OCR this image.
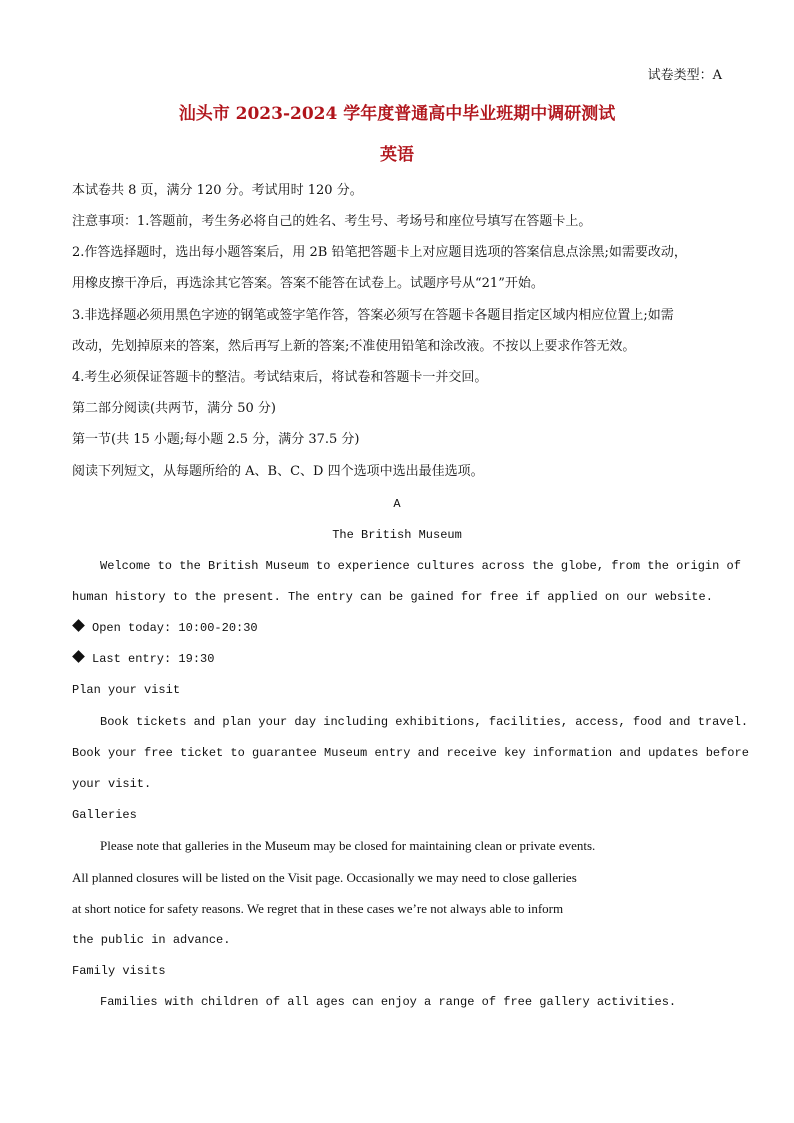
试卷类型：A
汕头市 2023-2024 学年度普通高中毕业班期中调研测试
英语
本试卷共 8 页，满分 120 分。考试用时 120 分。
注意事项：1.答题前，考生务必将自己的姓名、考生号、考场号和座位号填写在答题卡上。
2.作答选择题时，选出每小题答案后，用 2B 铅笔把答题卡上对应题目选项的答案信息点涂黑;如需要改动，
用橡皮擦干净后，再选涂其它答案。答案不能答在试卷上。试题序号从“21”开始。
3.非选择题必须用黑色字迹的钢笔或签字笔作答，答案必须写在答题卡各题目指定区域内相应位置上;如需
改动，先划掉原来的答案，然后再写上新的答案;不准使用铅笔和涂改液。不按以上要求作答无效。
4.考生必须保证答题卡的整洁。考试结束后，将试卷和答题卡一并交回。
第二部分阅读(共两节，满分 50 分)
第一节(共 15 小题;每小题 2.5 分，满分 37.5 分)
阅读下列短文，从每题所给的 A、B、C、D 四个选项中选出最佳选项。
A
The British Museum
Welcome to the British Museum to experience cultures across the globe, from the origin of
human history to the present. The entry can be gained for free if applied on our website.
Open today: 10:00-20:30
Last entry: 19:30
Plan your visit
Book tickets and plan your day including exhibitions, facilities, access, food and travel.
Book your free ticket to guarantee Museum entry and receive key information and updates before
your visit.
Galleries
Please note that galleries in the Museum may be closed for maintaining clean or private events.
All planned closures will be listed on the Visit page. Occasionally we may need to close galleries
at short notice for safety reasons. We regret that in these cases we’re not always able to inform
the public in advance.
Family visits
Families with children of all ages can enjoy a range of free gallery activities.
